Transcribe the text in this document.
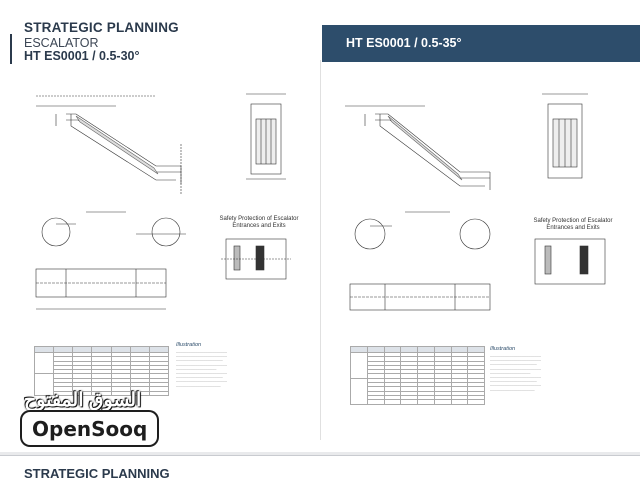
STRATEGIC PLANNING
ESCALATOR
HT ES0001 / 0.5-30°
HT ES0001 / 0.5-35°
Safety Protection of Escalator Entrances and Exits
Illustration
────────────────────────
────────────────────────
──────────────────────
────────────────────────
───────────────────
────────────────────────
──────────────────────
────────────────────────
─────────────────────

Safety Protection of Escalator Entrances and Exits
Illustration
────────────────────────
────────────────────────
──────────────────────
────────────────────────
───────────────────
────────────────────────
──────────────────────
────────────────────────
─────────────────────

السوق المفتوح
OpenSooq
STRATEGIC PLANNING
